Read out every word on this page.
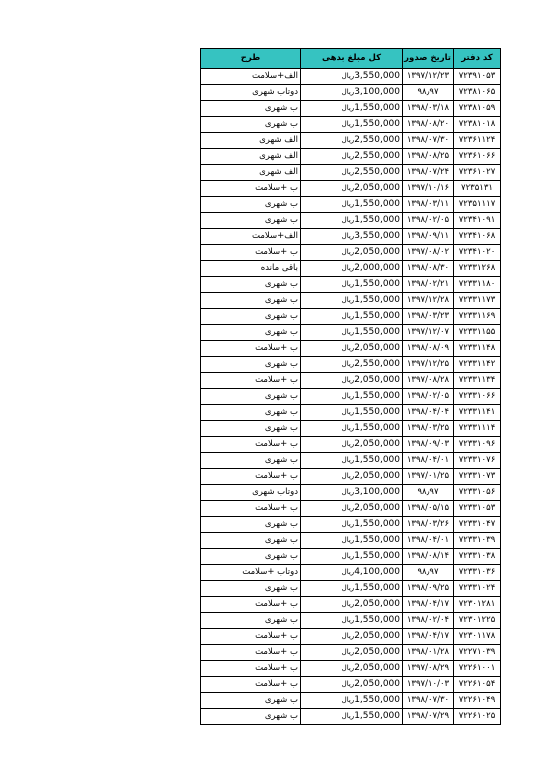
کد دفتر	تاریخ صدور	کل مبلغ بدهی	طرح
۷۲۳۹۱۰۵۳	۱۳۹۷/۱۲/۲۳	3,550,000ریال	الف+سلامت
۷۲۳۸۱۰۶۵	۹۸٫۹۷	3,100,000ریال	دوتاب شهری
۷۲۳۸۱۰۵۹	۱۳۹۸/۰۳/۱۸	1,550,000ریال	ب شهری
۷۲۳۸۱۰۱۸	۱۳۹۸/۰۸/۲۰	1,550,000ریال	ب شهری
۷۲۳۶۱۱۲۴	۱۳۹۸/۰۷/۳۰	2,550,000ریال	الف شهری
۷۲۳۶۱۰۶۶	۱۳۹۸/۰۸/۲۵	2,550,000ریال	الف شهری
۷۲۳۶۱۰۲۷	۱۳۹۸/۰۷/۲۴	2,550,000ریال	الف شهری
۷۲۳۵۱۳۱	۱۳۹۷/۱۰/۱۶	2,050,000ریال	ب +سلامت
۷۲۳۵۱۱۱۷	۱۳۹۸/۰۳/۱۱	1,550,000ریال	ب شهری
۷۲۳۴۱۰۹۱	۱۳۹۸/۰۲/۰۵	1,550,000ریال	ب شهری
۷۲۳۴۱۰۶۸	۱۳۹۸/۰۹/۱۱	3,550,000ریال	الف+سلامت
۷۲۳۴۱۰۲۰	۱۳۹۷/۰۸/۰۲	2,050,000ریال	ب +سلامت
۷۲۳۳۱۲۶۸	۱۳۹۸/۰۸/۳۰	2,000,000ریال	باقی مانده
۷۲۳۳۱۱۸۰	۱۳۹۸/۰۲/۲۱	1,550,000ریال	ب شهری
۷۲۳۳۱۱۷۳	۱۳۹۷/۱۲/۲۸	1,550,000ریال	ب شهری
۷۲۳۳۱۱۶۹	۱۳۹۸/۰۳/۲۳	1,550,000ریال	ب شهری
۷۲۳۳۱۱۵۵	۱۳۹۷/۱۲/۰۷	1,550,000ریال	ب شهری
۷۲۳۳۱۱۴۸	۱۳۹۸/۰۸/۰۹	2,050,000ریال	ب +سلامت
۷۲۳۳۱۱۴۲	۱۳۹۷/۱۲/۲۵	2,550,000ریال	ب شهری
۷۲۳۳۱۱۳۴	۱۳۹۷/۰۸/۲۸	2,050,000ریال	ب +سلامت
۷۲۳۳۱۰۶۶	۱۳۹۸/۰۲/۰۵	1,550,000ریال	ب شهری
۷۲۳۳۱۱۴۱	۱۳۹۸/۰۴/۰۴	1,550,000ریال	ب شهری
۷۲۳۳۱۱۱۴	۱۳۹۸/۰۳/۲۵	1,550,000ریال	ب شهری
۷۲۳۳۱۰۹۶	۱۳۹۸/۰۹/۰۳	2,050,000ریال	ب +سلامت
۷۲۳۳۱۰۷۶	۱۳۹۸/۰۴/۰۱	1,550,000ریال	ب شهری
۷۲۳۳۱۰۷۳	۱۳۹۷/۰۱/۲۵	2,050,000ریال	ب +سلامت
۷۲۳۳۱۰۵۶	۹۸٫۹۷	3,100,000ریال	دوتاب شهری
۷۲۳۳۱۰۵۳	۱۳۹۸/۰۵/۱۵	2,050,000ریال	ب +سلامت
۷۲۳۳۱۰۴۷	۱۳۹۸/۰۳/۲۶	1,550,000ریال	ب شهری
۷۲۳۳۱۰۳۹	۱۳۹۸/۰۴/۰۱	1,550,000ریال	ب شهری
۷۲۳۳۱۰۳۸	۱۳۹۸/۰۸/۱۴	1,550,000ریال	ب شهری
۷۲۳۳۱۰۳۶	۹۸٫۹۷	4,100,000ریال	دوتاب +سلامت
۷۲۳۳۱۰۲۴	۱۳۹۸/۰۹/۲۵	1,550,000ریال	ب شهری
۷۲۳۰۱۲۸۱	۱۳۹۸/۰۴/۱۷	2,050,000ریال	ب +سلامت
۷۲۳۰۱۲۲۵	۱۳۹۸/۰۲/۰۴	1,550,000ریال	ب شهری
۷۲۳۰۱۱۷۸	۱۳۹۸/۰۴/۱۷	2,050,000ریال	ب +سلامت
۷۲۲۷۱۰۳۹	۱۳۹۸/۰۱/۲۸	2,050,000ریال	ب +سلامت
۷۲۲۶۱۰۰۱	۱۳۹۷/۰۸/۲۹	2,050,000ریال	ب +سلامت
۷۲۲۶۱۰۵۴	۱۳۹۷/۱۰/۰۳	2,050,000ریال	ب +سلامت
۷۲۲۶۱۰۴۹	۱۳۹۸/۰۷/۳۰	1,550,000ریال	ب شهری
۷۲۲۶۱۰۲۵	۱۳۹۸/۰۷/۲۹	1,550,000ریال	ب شهری
